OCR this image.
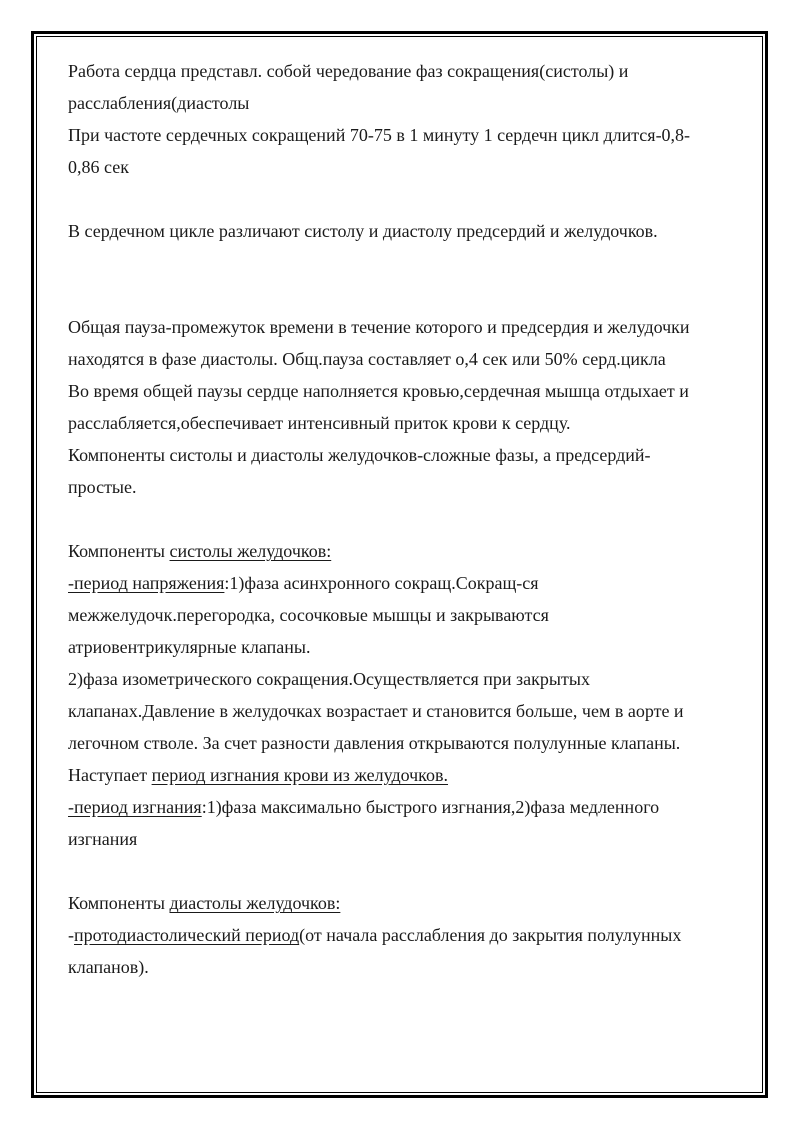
Работа сердца представл. собой чередование фаз сокращения(систолы) и расслабления(диастолы

При частоте сердечных сокращений 70-75 в 1 минуту 1 сердечн цикл длится-0,8-0,86 сек

В сердечном цикле различают систолу и диастолу предсердий и желудочков.

Общая пауза-промежуток времени в течение которого и предсердия и желудочки находятся в фазе диастолы. Общ.пауза составляет о,4 сек или 50% серд.цикла

Во время общей паузы сердце наполняется кровью,сердечная мышца отдыхает и расслабляется,обеспечивает интенсивный приток крови к сердцу.

Компоненты систолы и диастолы желудочков-сложные фазы, а предсердий-простые.

Компоненты систолы желудочков:

-период напряжения:1)фаза асинхронного сокращ.Сокращ-ся межжелудочк.перегородка, сосочковые мышцы и закрываются атриовентрикулярные клапаны.

2)фаза изометрического сокращения.Осуществляется при закрытых клапанах.Давление в желудочках возрастает и становится больше, чем в аорте и легочном стволе. За счет разности давления открываются полулунные клапаны. Наступает период изгнания крови из желудочков.

-период изгнания:1)фаза максимально быстрого изгнания,2)фаза медленного изгнания

Компоненты диастолы желудочков:

-протодиастолический период(от начала расслабления до закрытия полулунных клапанов).
